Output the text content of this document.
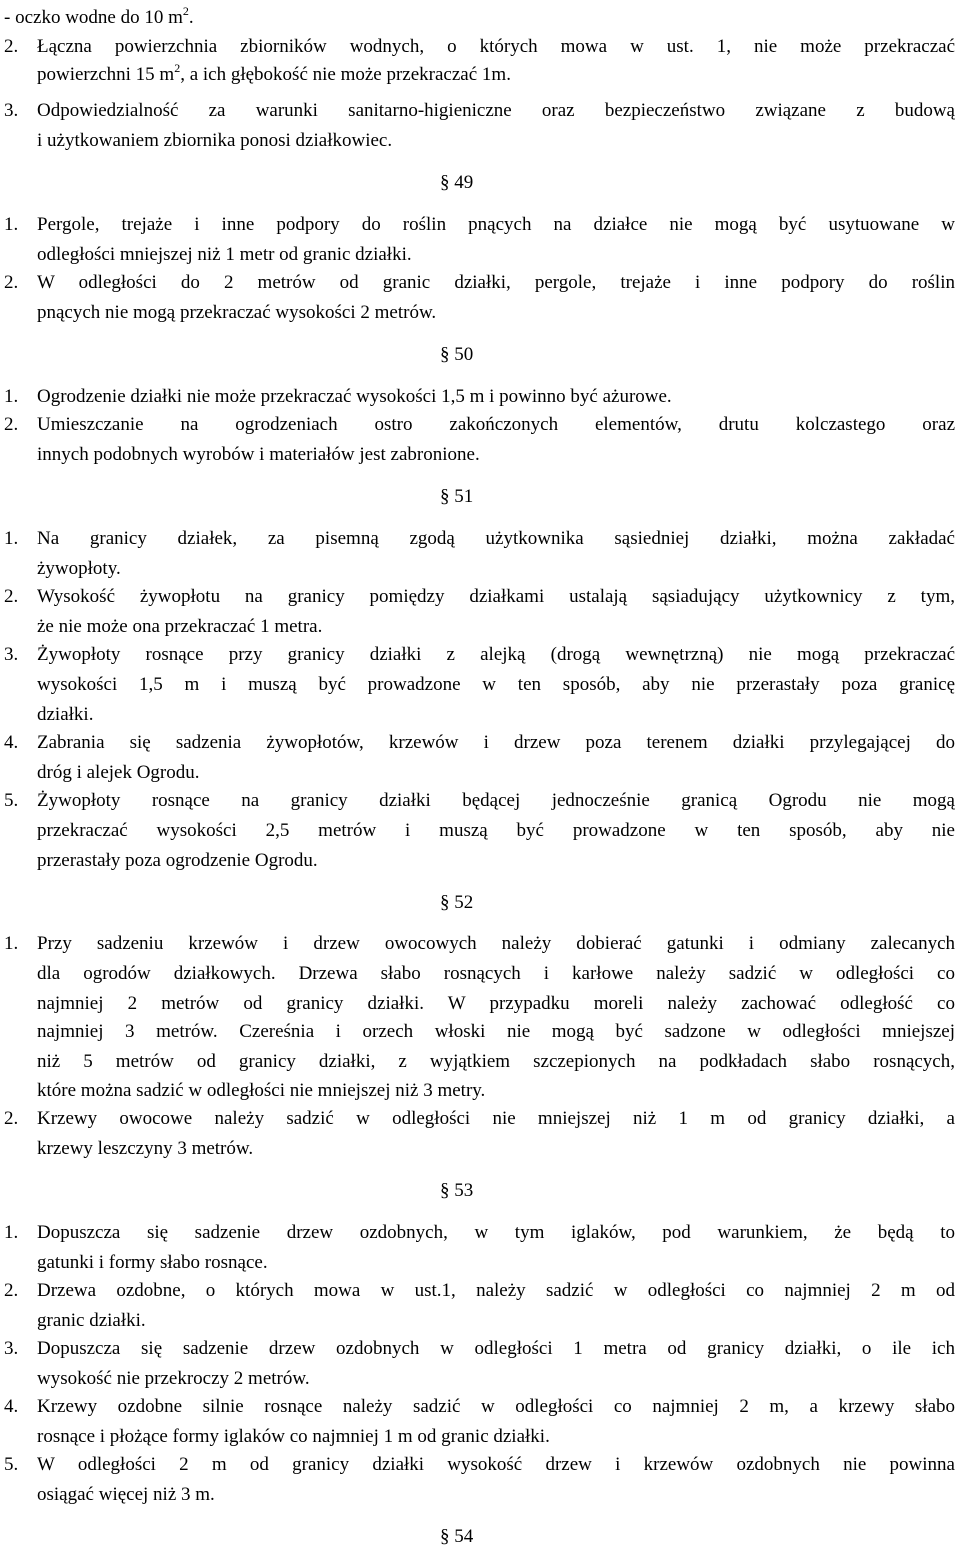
- oczko wodne do 10 $m^2$.
2. Łączna powierzchnia zbiorników wodnych, o których mowa w ust. 1, nie może przekraczać
powierzchni 15 $m^2$, a ich głębokość nie może przekraczać 1m.
3. Odpowiedzialność za warunki sanitarno-higieniczne oraz bezpieczeństwo związane z budową
i użytkowaniem zbiornika ponosi działkowiec.
1. Pergole, trejaże i inne podpory do roślin pnących na działce nie mogą być usytuowane w
odległości mniejszej niż 1 metr od granic działki.
2. W odległości do 2 metrów od granic działki, pergole, trejaże i inne podpory do roślin
pnących nie mogą przekraczać wysokości 2 metrów.
1. Ogrodzenie działki nie może przekraczać wysokości 1,5 m i powinno być ażurowe.
2. Umieszczanie na ogrodzeniach ostro zakończonych elementów, drutu kolczastego oraz
innych podobnych wyrobów i materiałów jest zabronione.
1. Na granicy działek, za pisemną zgodą użytkownika sąsiedniej działki, można zakładać
żywopłoty.
2. Wysokość żywopłotu na granicy pomiędzy działkami ustalają sąsiadujący użytkownicy z tym,
że nie może ona przekraczać 1 metra.
3. Żywopłoty rosnące przy granicy działki z alejką (drogą wewnętrzną) nie mogą przekraczać
wysokości 1,5 m i muszą być prowadzone w ten sposób, aby nie przerastały poza granicę
działki.
4. Zabrania się sadzenia żywopłotów, krzewów i drzew poza terenem działki przylegającej do
dróg i alejek Ogrodu.
5. Żywopłoty rosnące na granicy działki będącej jednocześnie granicą Ogrodu nie mogą
przekraczać wysokości 2,5 metrów i muszą być prowadzone w ten sposób, aby nie
przerastały poza ogrodzenie Ogrodu.
1. Przy sadzeniu krzewów i drzew owocowych należy dobierać gatunki i odmiany zalecanych
dla ogrodów działkowych. Drzewa słabo rosnących i karłowe należy sadzić w odległości co
najmniej 2 metrów od granicy działki. W przypadku moreli należy zachować odległość co
najmniej 3 metrów. Czereśnia i orzech włoski nie mogą być sadzone w odległości mniejszej
niż 5 metrów od granicy działki, z wyjątkiem szczepionych na podkładach słabo rosnących,
które można sadzić w odległości nie mniejszej niż 3 metry.
2. Krzewy owocowe należy sadzić w odległości nie mniejszej niż 1 m od granicy działki, a
krzewy leszczyny 3 metrów.
1. Dopuszcza się sadzenie drzew ozdobnych, w tym iglaków, pod warunkiem, że będą to
gatunki i formy słabo rosnące.
2. Drzewa ozdobne, o których mowa w ust.1, należy sadzić w odległości co najmniej 2 m od
granic działki.
3. Dopuszcza się sadzenie drzew ozdobnych w odległości 1 metra od granicy działki, o ile ich
wysokość nie przekroczy 2 metrów.
4. Krzewy ozdobne silnie rosnące należy sadzić w odległości co najmniej 2 m, a krzewy słabo
rosnące i płożące formy iglaków co najmniej 1 m od granic działki.
5. W odległości 2 m od granicy działki wysokość drzew i krzewów ozdobnych nie powinna
osiągać więcej niż 3 m.
§ 49
§ 50
§ 51
§ 52
§ 53
§ 54
